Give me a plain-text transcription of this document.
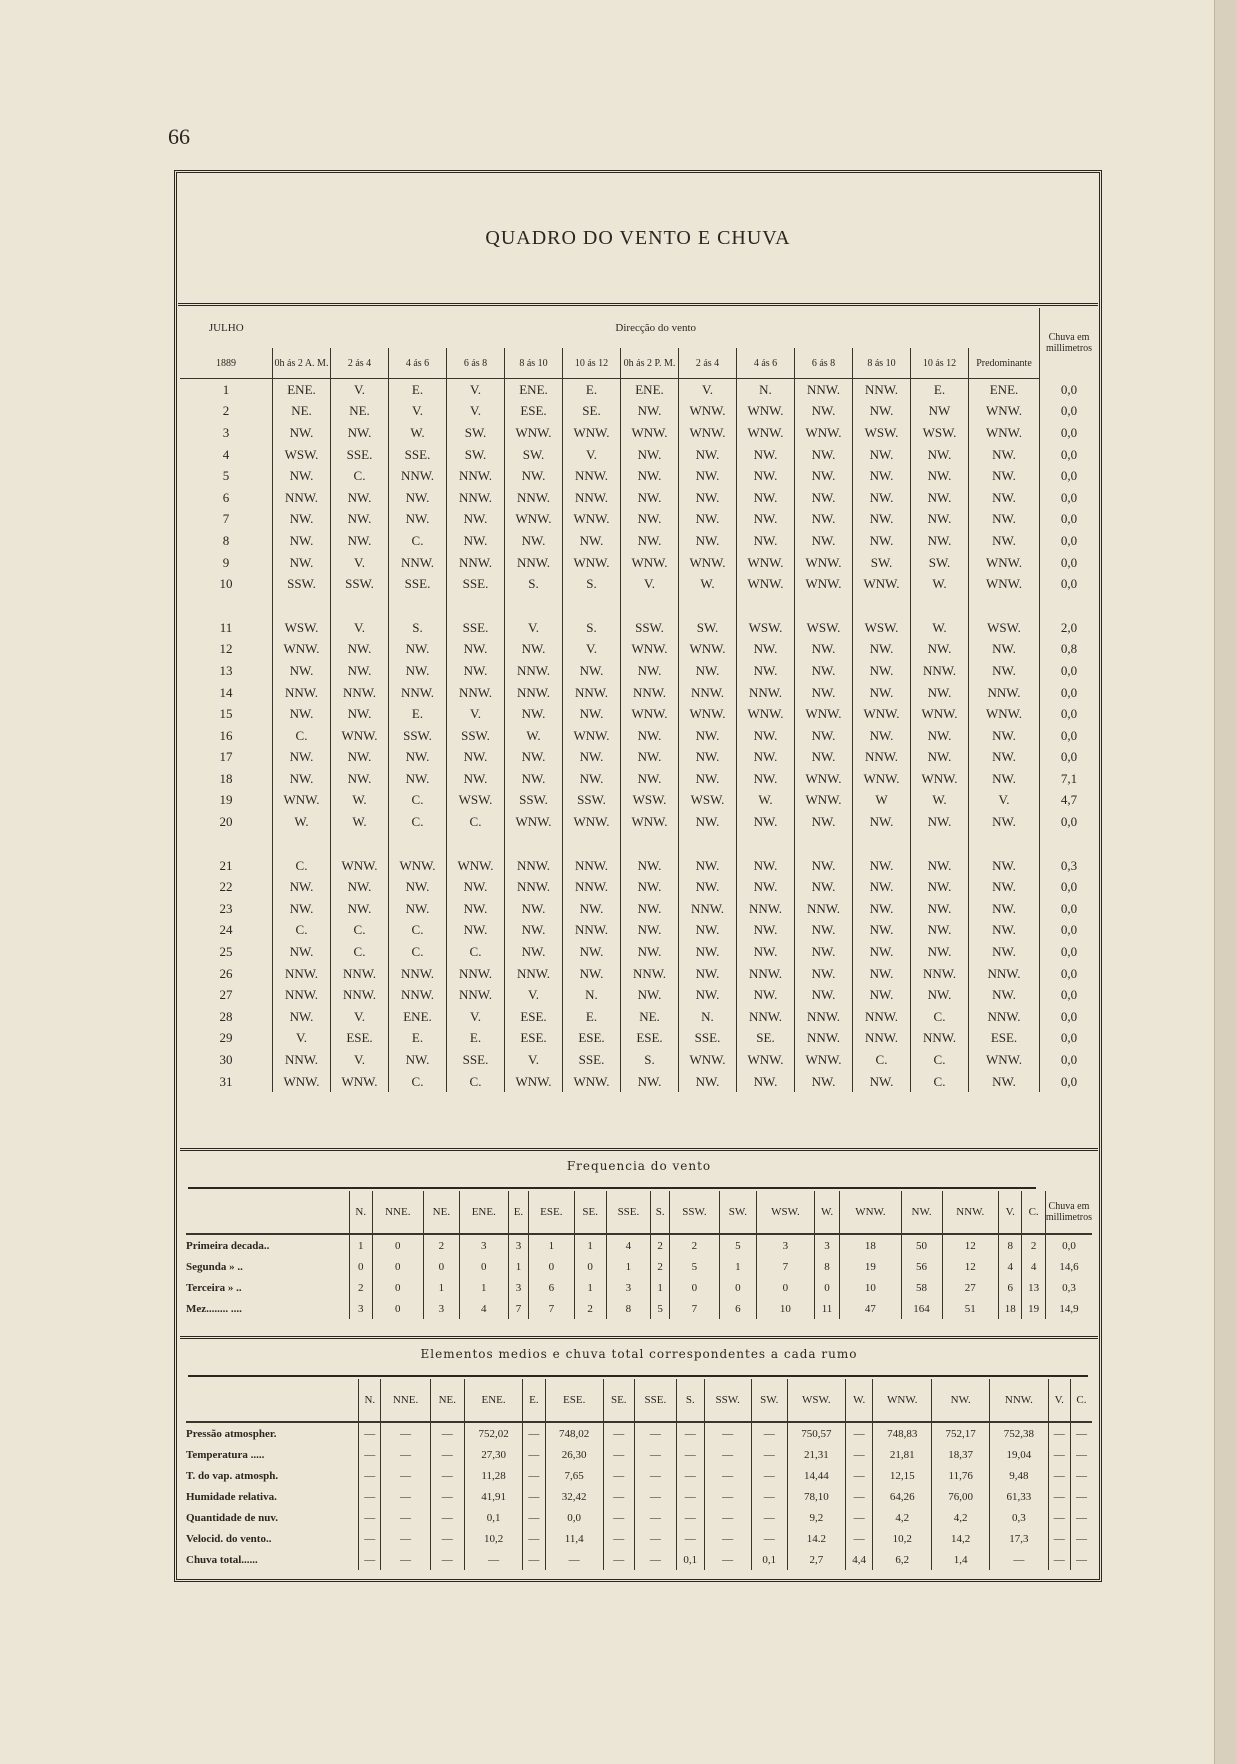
66
QUADRO DO VENTO E CHUVA
JULHO	Direcção do vento													Chuva em millimetros
1889	0h ás 2 A. M.	2 ás 4	4 ás 6	6 ás 8	8 ás 10	10 ás 12	0h ás 2 P. M.	2 ás 4	4 ás 6	6 ás 8	8 ás 10	10 ás 12	Predominante	
1	ENE.	V.	E.	V.	ENE.	E.	ENE.	V.	N.	NNW.	NNW.	E.	ENE.	0,0
2	NE.	NE.	V.	V.	ESE.	SE.	NW.	WNW.	WNW.	NW.	NW.	NW	WNW.	0,0
3	NW.	NW.	W.	SW.	WNW.	WNW.	WNW.	WNW.	WNW.	WNW.	WSW.	WSW.	WNW.	0,0
4	WSW.	SSE.	SSE.	SW.	SW.	V.	NW.	NW.	NW.	NW.	NW.	NW.	NW.	0,0
5	NW.	C.	NNW.	NNW.	NW.	NNW.	NW.	NW.	NW.	NW.	NW.	NW.	NW.	0,0
6	NNW.	NW.	NW.	NNW.	NNW.	NNW.	NW.	NW.	NW.	NW.	NW.	NW.	NW.	0,0
7	NW.	NW.	NW.	NW.	WNW.	WNW.	NW.	NW.	NW.	NW.	NW.	NW.	NW.	0,0
8	NW.	NW.	C.	NW.	NW.	NW.	NW.	NW.	NW.	NW.	NW.	NW.	NW.	0,0
9	NW.	V.	NNW.	NNW.	NNW.	WNW.	WNW.	WNW.	WNW.	WNW.	SW.	SW.	WNW.	0,0
10	SSW.	SSW.	SSE.	SSE.	S.	S.	V.	W.	WNW.	WNW.	WNW.	W.	WNW.	0,0

11	WSW.	V.	S.	SSE.	V.	S.	SSW.	SW.	WSW.	WSW.	WSW.	W.	WSW.	2,0
12	WNW.	NW.	NW.	NW.	NW.	V.	WNW.	WNW.	NW.	NW.	NW.	NW.	NW.	0,8
13	NW.	NW.	NW.	NW.	NNW.	NW.	NW.	NW.	NW.	NW.	NW.	NNW.	NW.	0,0
14	NNW.	NNW.	NNW.	NNW.	NNW.	NNW.	NNW.	NNW.	NNW.	NW.	NW.	NW.	NNW.	0,0
15	NW.	NW.	E.	V.	NW.	NW.	WNW.	WNW.	WNW.	WNW.	WNW.	WNW.	WNW.	0,0
16	C.	WNW.	SSW.	SSW.	W.	WNW.	NW.	NW.	NW.	NW.	NW.	NW.	NW.	0,0
17	NW.	NW.	NW.	NW.	NW.	NW.	NW.	NW.	NW.	NW.	NNW.	NW.	NW.	0,0
18	NW.	NW.	NW.	NW.	NW.	NW.	NW.	NW.	NW.	WNW.	WNW.	WNW.	NW.	7,1
19	WNW.	W.	C.	WSW.	SSW.	SSW.	WSW.	WSW.	W.	WNW.	W	W.	V.	4,7
20	W.	W.	C.	C.	WNW.	WNW.	WNW.	NW.	NW.	NW.	NW.	NW.	NW.	0,0

21	C.	WNW.	WNW.	WNW.	NNW.	NNW.	NW.	NW.	NW.	NW.	NW.	NW.	NW.	0,3
22	NW.	NW.	NW.	NW.	NNW.	NNW.	NW.	NW.	NW.	NW.	NW.	NW.	NW.	0,0
23	NW.	NW.	NW.	NW.	NW.	NW.	NW.	NNW.	NNW.	NNW.	NW.	NW.	NW.	0,0
24	C.	C.	C.	NW.	NW.	NNW.	NW.	NW.	NW.	NW.	NW.	NW.	NW.	0,0
25	NW.	C.	C.	C.	NW.	NW.	NW.	NW.	NW.	NW.	NW.	NW.	NW.	0,0
26	NNW.	NNW.	NNW.	NNW.	NNW.	NW.	NNW.	NW.	NNW.	NW.	NW.	NNW.	NNW.	0,0
27	NNW.	NNW.	NNW.	NNW.	V.	N.	NW.	NW.	NW.	NW.	NW.	NW.	NW.	0,0
28	NW.	V.	ENE.	V.	ESE.	E.	NE.	N.	NNW.	NNW.	NNW.	C.	NNW.	0,0
29	V.	ESE.	E.	E.	ESE.	ESE.	ESE.	SSE.	SE.	NNW.	NNW.	NNW.	ESE.	0,0
30	NNW.	V.	NW.	SSE.	V.	SSE.	S.	WNW.	WNW.	WNW.	C.	C.	WNW.	0,0
31	WNW.	WNW.	C.	C.	WNW.	WNW.	NW.	NW.	NW.	NW.	NW.	C.	NW.	0,0
Frequencia do vento
	N.	NNE.	NE.	ENE.	E.	ESE.	SE.	SSE.	S.	SSW.	SW.	WSW.	W.	WNW.	NW.	NNW.	V.	C.	Chuva em millimetros
Primeira decada..	1	0	2	3	3	1	1	4	2	2	5	3	3	18	50	12	8	2	0,0
Segunda » ..	0	0	0	0	1	0	0	1	2	5	1	7	8	19	56	12	4	4	14,6
Terceira » ..	2	0	1	1	3	6	1	3	1	0	0	0	0	10	58	27	6	13	0,3
Mez........ ....	3	0	3	4	7	7	2	8	5	7	6	10	11	47	164	51	18	19	14,9
Elementos medios e chuva total correspondentes a cada rumo
	N.	NNE.	NE.	ENE.	E.	ESE.	SE.	SSE.	S.	SSW.	SW.	WSW.	W.	WNW.	NW.	NNW.	V.	C.
Pressão atmospher.	—	—	—	752,02	—	748,02	—	—	—	—	—	750,57	—	748,83	752,17	752,38	—	—
Temperatura .....	—	—	—	27,30	—	26,30	—	—	—	—	—	21,31	—	21,81	18,37	19,04	—	—
T. do vap. atmosph.	—	—	—	11,28	—	7,65	—	—	—	—	—	14,44	—	12,15	11,76	9,48	—	—
Humidade relativa.	—	—	—	41,91	—	32,42	—	—	—	—	—	78,10	—	64,26	76,00	61,33	—	—
Quantidade de nuv.	—	—	—	0,1	—	0,0	—	—	—	—	—	9,2	—	4,2	4,2	0,3	—	—
Velocid. do vento..	—	—	—	10,2	—	11,4	—	—	—	—	—	14.2	—	10,2	14,2	17,3	—	—
Chuva total......	—	—	—	—	—	—	—	—	0,1	—	0,1	2,7	4,4	6,2	1,4	—	—	—
